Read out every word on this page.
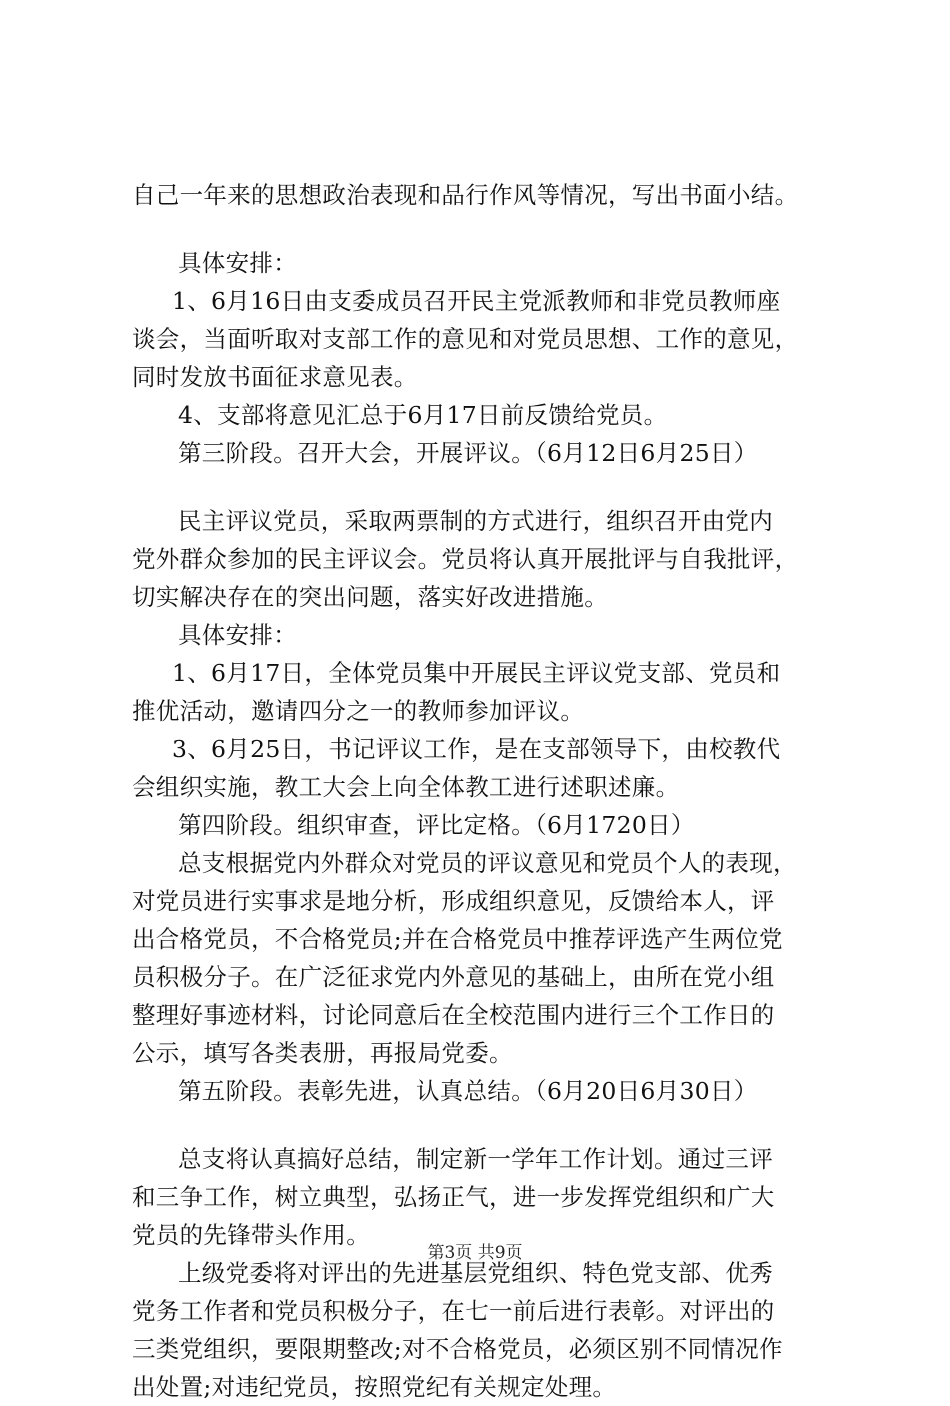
自己一年来的思想政治表现和品行作风等情况，写出书面小结。
具体安排：
1、6月16日由支委成员召开民主党派教师和非党员教师座
谈会，当面听取对支部工作的意见和对党员思想、工作的意见，
同时发放书面征求意见表。
4、支部将意见汇总于6月17日前反馈给党员。
第三阶段。召开大会，开展评议。（6月12日6月25日）
民主评议党员，采取两票制的方式进行，组织召开由党内
党外群众参加的民主评议会。党员将认真开展批评与自我批评，
切实解决存在的突出问题，落实好改进措施。
具体安排：
1、6月17日，全体党员集中开展民主评议党支部、党员和
推优活动，邀请四分之一的教师参加评议。
3、6月25日，书记评议工作，是在支部领导下，由校教代
会组织实施，教工大会上向全体教工进行述职述廉。
第四阶段。组织审查，评比定格。（6月1720日）
总支根据党内外群众对党员的评议意见和党员个人的表现，
对党员进行实事求是地分析，形成组织意见，反馈给本人，评
出合格党员，不合格党员;并在合格党员中推荐评选产生两位党
员积极分子。在广泛征求党内外意见的基础上，由所在党小组
整理好事迹材料，讨论同意后在全校范围内进行三个工作日的
公示，填写各类表册，再报局党委。
第五阶段。表彰先进，认真总结。（6月20日6月30日）
总支将认真搞好总结，制定新一学年工作计划。通过三评
和三争工作，树立典型，弘扬正气，进一步发挥党组织和广大
党员的先锋带头作用。
上级党委将对评出的先进基层党组织、特色党支部、优秀
党务工作者和党员积极分子，在七一前后进行表彰。对评出的
三类党组织，要限期整改;对不合格党员，必须区别不同情况作
出处置;对违纪党员，按照党纪有关规定处理。
第3页 共9页
